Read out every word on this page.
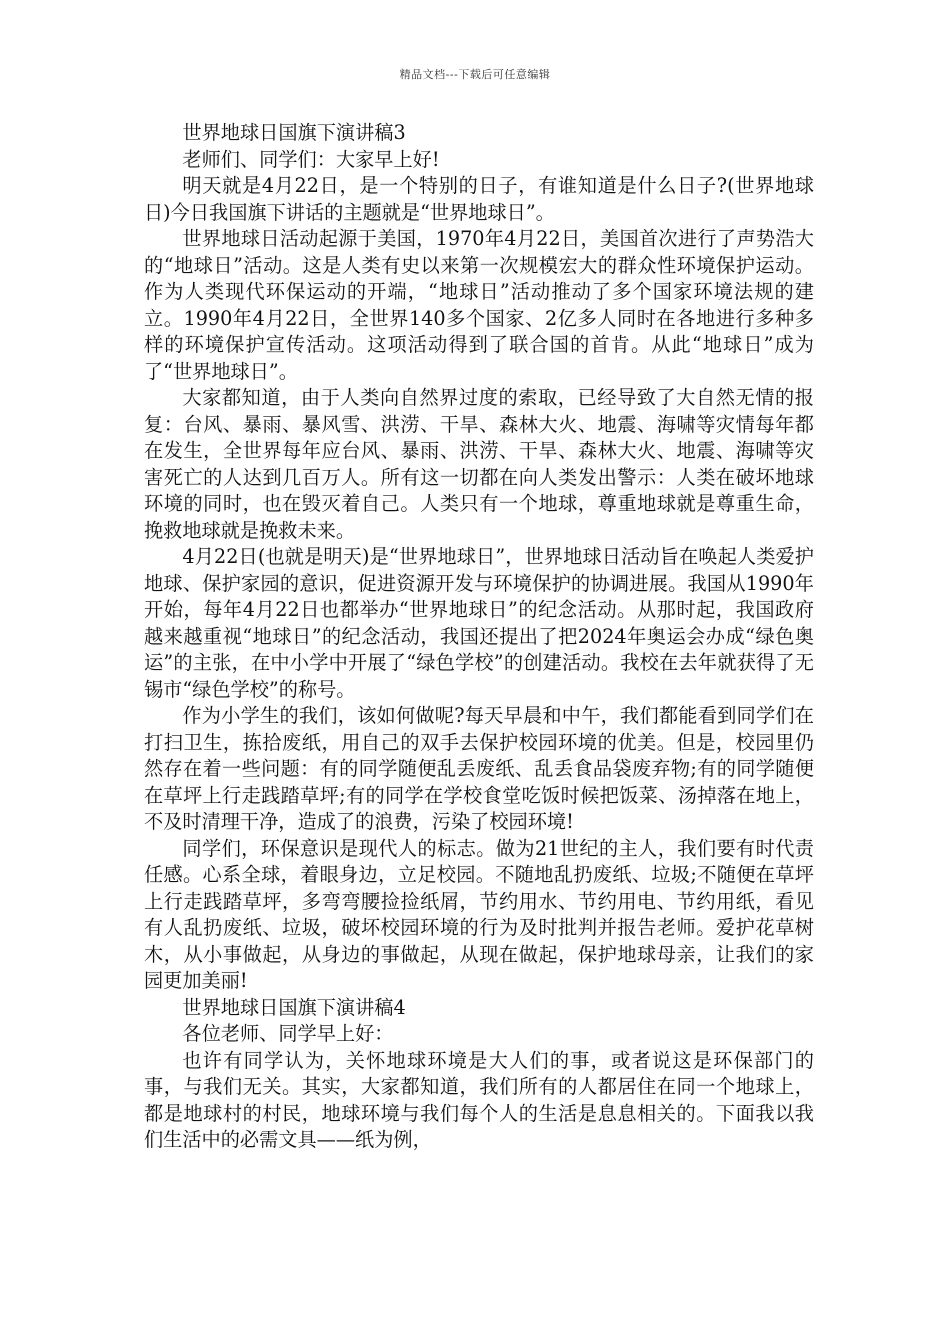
精品文档---下载后可任意编辑

世界地球日国旗下演讲稿3

老师们、同学们：大家早上好!

明天就是4月22日，是一个特别的日子，有谁知道是什么日子?(世界地球日)今日我国旗下讲话的主题就是“世界地球日”。

世界地球日活动起源于美国，1970年4月22日，美国首次进行了声势浩大的“地球日”活动。这是人类有史以来第一次规模宏大的群众性环境保护运动。作为人类现代环保运动的开端，“地球日”活动推动了多个国家环境法规的建立。1990年4月22日，全世界140多个国家、2亿多人同时在各地进行多种多样的环境保护宣传活动。这项活动得到了联合国的首肯。从此“地球日”成为了“世界地球日”。

大家都知道，由于人类向自然界过度的索取，已经导致了大自然无情的报复：台风、暴雨、暴风雪、洪涝、干旱、森林大火、地震、海啸等灾情每年都在发生，全世界每年应台风、暴雨、洪涝、干旱、森林大火、地震、海啸等灾害死亡的人达到几百万人。所有这一切都在向人类发出警示：人类在破坏地球环境的同时，也在毁灭着自己。人类只有一个地球，尊重地球就是尊重生命，挽救地球就是挽救未来。

4月22日(也就是明天)是“世界地球日”，世界地球日活动旨在唤起人类爱护地球、保护家园的意识，促进资源开发与环境保护的协调进展。我国从1990年开始，每年4月22日也都举办“世界地球日”的纪念活动。从那时起，我国政府越来越重视“地球日”的纪念活动，我国还提出了把2024年奥运会办成“绿色奥运”的主张，在中小学中开展了“绿色学校”的创建活动。我校在去年就获得了无锡市“绿色学校”的称号。

作为小学生的我们，该如何做呢?每天早晨和中午，我们都能看到同学们在打扫卫生，拣拾废纸，用自己的双手去保护校园环境的优美。但是，校园里仍然存在着一些问题：有的同学随便乱丢废纸、乱丢食品袋废弃物;有的同学随便在草坪上行走践踏草坪;有的同学在学校食堂吃饭时候把饭菜、汤掉落在地上，不及时清理干净，造成了的浪费，污染了校园环境!

同学们，环保意识是现代人的标志。做为21世纪的主人，我们要有时代责任感。心系全球，着眼身边，立足校园。不随地乱扔废纸、垃圾;不随便在草坪上行走践踏草坪，多弯弯腰捡捡纸屑，节约用水、节约用电、节约用纸，看见有人乱扔废纸、垃圾，破坏校园环境的行为及时批判并报告老师。爱护花草树木，从小事做起，从身边的事做起，从现在做起，保护地球母亲，让我们的家园更加美丽!

世界地球日国旗下演讲稿4

各位老师、同学早上好：

也许有同学认为，关怀地球环境是大人们的事，或者说这是环保部门的事，与我们无关。其实，大家都知道，我们所有的人都居住在同一个地球上，都是地球村的村民，地球环境与我们每个人的生活是息息相关的。下面我以我们生活中的必需文具——纸为例，
